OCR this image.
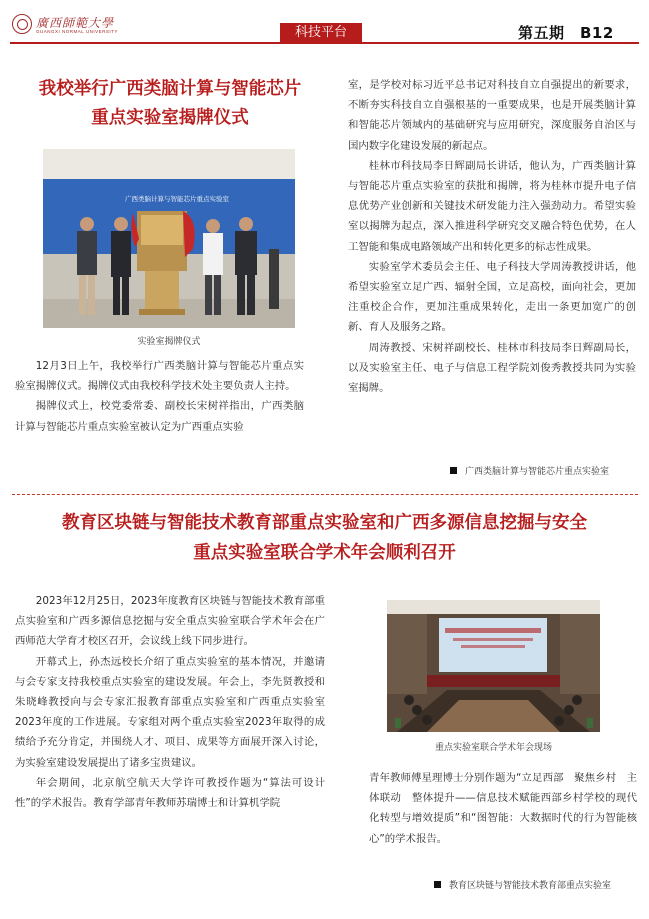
廣西師範大學
GUANGXI NORMAL UNIVERSITY	科技平台	第五期　B12
我校举行广西类脑计算与智能芯片
重点实验室揭牌仪式
广西类脑计算与智能芯片重点实验室
实验室揭牌仪式

12月3日上午，我校举行广西类脑计算与智能芯片重点实验室揭牌仪式。揭牌仪式由我校科学技术处主要负责人主持。

揭牌仪式上，校党委常委、副校长宋树祥指出，广西类脑计算与智能芯片重点实验室被认定为广西重点实验

室，是学校对标习近平总书记对科技自立自强提出的新要求，不断夯实科技自立自强根基的一重要成果，也是开展类脑计算和智能芯片领域内的基础研究与应用研究，深度服务自治区与国内数字化建设发展的新起点。

桂林市科技局李日辉副局长讲话，他认为，广西类脑计算与智能芯片重点实验室的获批和揭牌，将为桂林市提升电子信息优势产业创新和关键技术研发能力注入强劲动力。希望实验室以揭牌为起点，深入推进科学研究交叉融合特色优势，在人工智能和集成电路领域产出和转化更多的标志性成果。

实验室学术委员会主任、电子科技大学周涛教授讲话，他希望实验室立足广西、辐射全国，立足高校，面向社会，更加注重校企合作，更加注重成果转化，走出一条更加宽广的创新、育人及服务之路。

周涛教授、宋树祥副校长、桂林市科技局李日辉副局长，以及实验室主任、电子与信息工程学院刘俊秀教授共同为实验室揭牌。

广西类脑计算与智能芯片重点实验室
教育区块链与智能技术教育部重点实验室和广西多源信息挖掘与安全
重点实验室联合学术年会顺利召开

2023年12月25日，2023年度教育区块链与智能技术教育部重点实验室和广西多源信息挖掘与安全重点实验室联合学术年会在广西师范大学育才校区召开，会议线上线下同步进行。

开幕式上，孙杰远校长介绍了重点实验室的基本情况，并邀请与会专家支持我校重点实验室的建设发展。年会上，李先贤教授和朱晓峰教授向与会专家汇报教育部重点实验室和广西重点实验室2023年度的工作进展。专家组对两个重点实验室2023年取得的成绩给予充分肯定，并围绕人才、项目、成果等方面展开深入讨论，为实验室建设发展提出了诸多宝贵建议。

年会期间，北京航空航天大学许可教授作题为“算法可设计性”的学术报告。教育学部青年教师苏瑞博士和计算机学院

重点实验室联合学术年会现场

青年教师傅星理博士分别作题为“立足西部　聚焦乡村　主体联动　整体提升——信息技术赋能西部乡村学校的现代化转型与增效提质”和“图智能：大数据时代的行为智能核心”的学术报告。

教育区块链与智能技术教育部重点实验室
